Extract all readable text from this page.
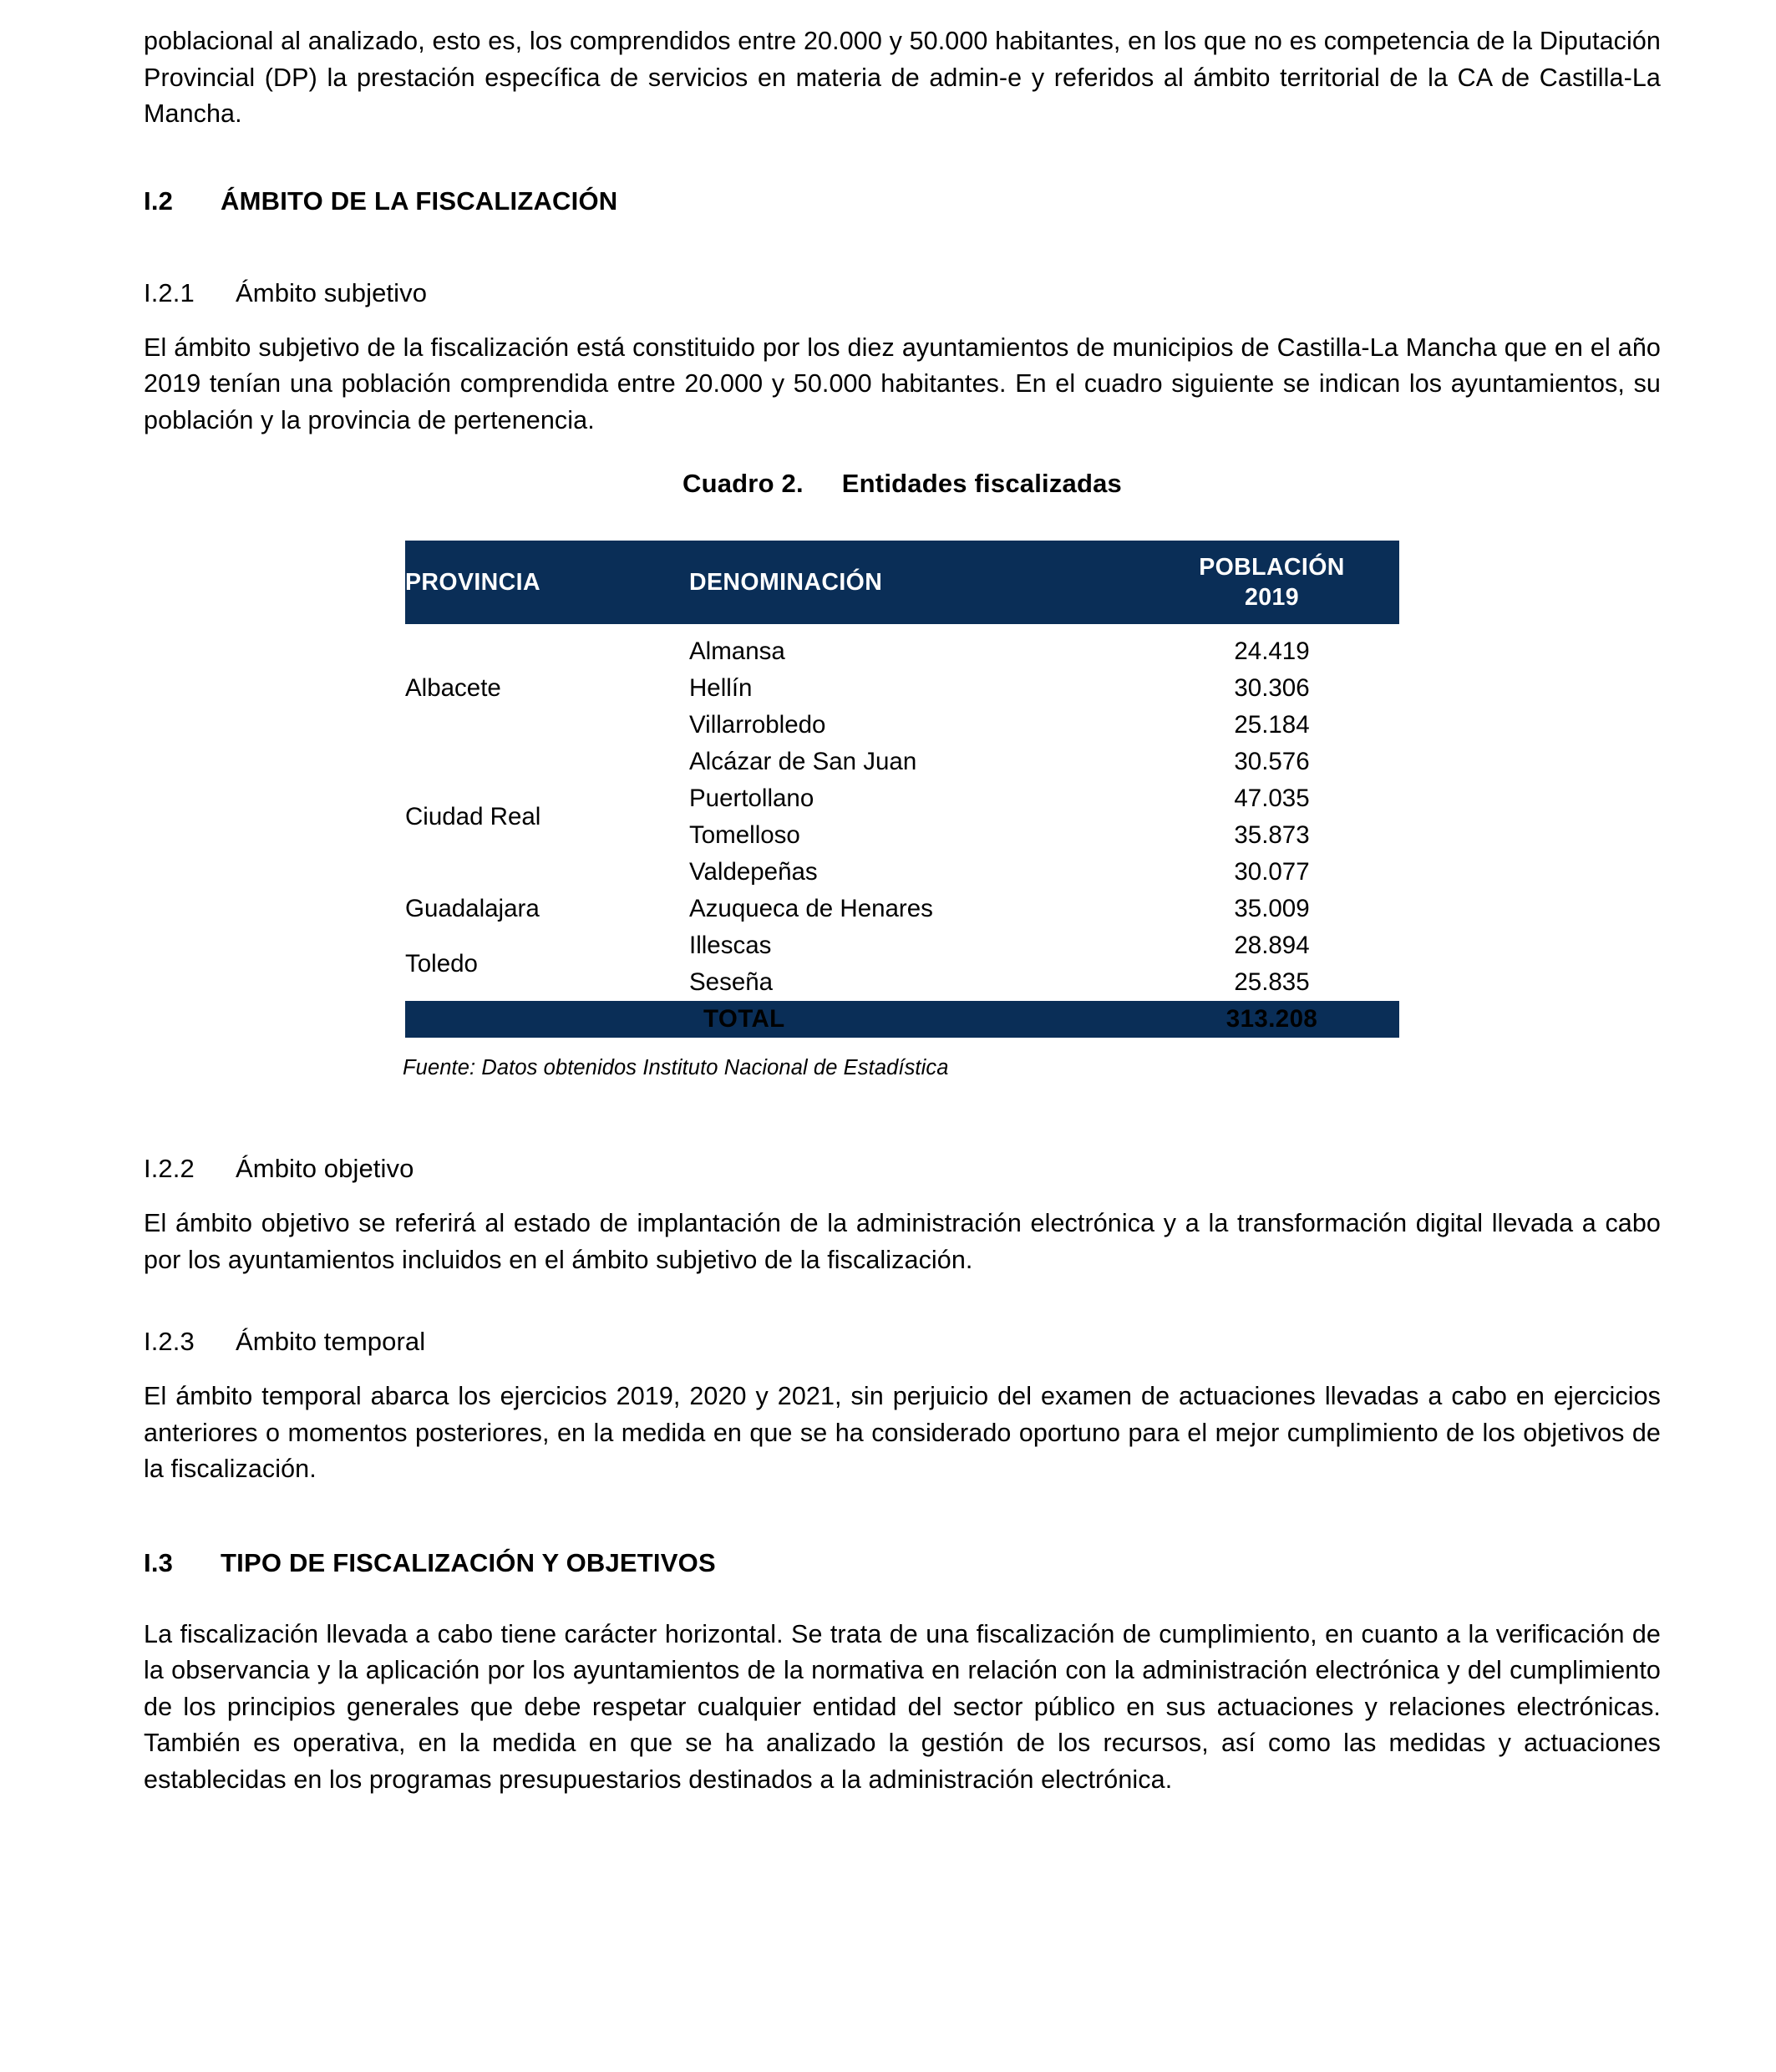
poblacional al analizado, esto es, los comprendidos entre 20.000 y 50.000 habitantes, en los que no es competencia de la Diputación Provincial (DP) la prestación específica de servicios en materia de admin-e y referidos al ámbito territorial de la CA de Castilla-La Mancha.

I.2	ÁMBITO DE LA FISCALIZACIÓN
I.2.1	Ámbito subjetivo

El ámbito subjetivo de la fiscalización está constituido por los diez ayuntamientos de municipios de Castilla-La Mancha que en el año 2019 tenían una población comprendida entre 20.000 y 50.000 habitantes. En el cuadro siguiente se indican los ayuntamientos, su población y la provincia de pertenencia.

Cuadro 2. Entidades fiscalizadas

PROVINCIA	DENOMINACIÓN	POBLACIÓN
2019
Albacete	Almansa	24.419
	Hellín	30.306
	Villarrobledo	25.184
Ciudad Real	Alcázar de San Juan	30.576
	Puertollano	47.035
	Tomelloso	35.873
	Valdepeñas	30.077
Guadalajara	Azuqueca de Henares	35.009
Toledo	Illescas	28.894
	Seseña	25.835
	TOTAL	313.208

Fuente: Datos obtenidos Instituto Nacional de Estadística

I.2.2	Ámbito objetivo

El ámbito objetivo se referirá al estado de implantación de la administración electrónica y a la transformación digital llevada a cabo por los ayuntamientos incluidos en el ámbito subjetivo de la fiscalización.

I.2.3	Ámbito temporal

El ámbito temporal abarca los ejercicios 2019, 2020 y 2021, sin perjuicio del examen de actuaciones llevadas a cabo en ejercicios anteriores o momentos posteriores, en la medida en que se ha considerado oportuno para el mejor cumplimiento de los objetivos de la fiscalización.

I.3	TIPO DE FISCALIZACIÓN Y OBJETIVOS

La fiscalización llevada a cabo tiene carácter horizontal. Se trata de una fiscalización de cumplimiento, en cuanto a la verificación de la observancia y la aplicación por los ayuntamientos de la normativa en relación con la administración electrónica y del cumplimiento de los principios generales que debe respetar cualquier entidad del sector público en sus actuaciones y relaciones electrónicas. También es operativa, en la medida en que se ha analizado la gestión de los recursos, así como las medidas y actuaciones establecidas en los programas presupuestarios destinados a la administración electrónica.
